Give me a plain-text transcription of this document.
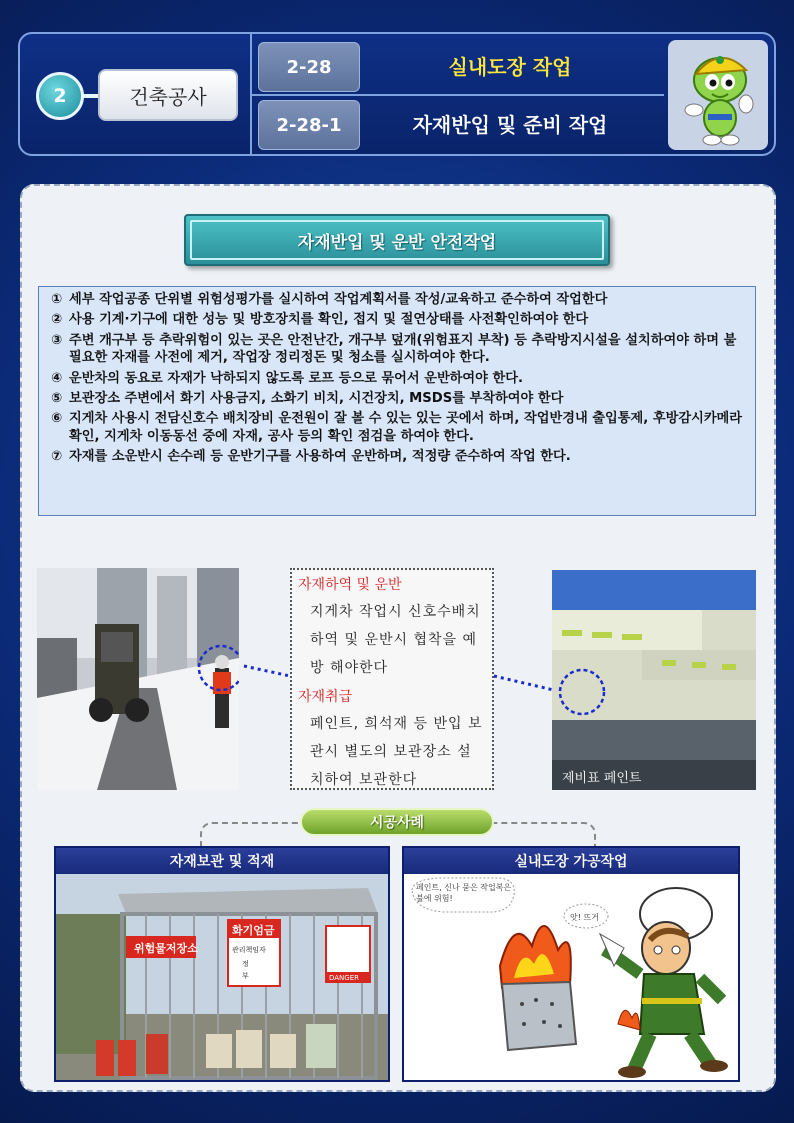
2	건축공사
2-28
2-28-1
실내도장 작업
자재반입 및 준비 작업
자재반입 및 운반 안전작업
① 세부 작업공종 단위별 위험성평가를 실시하여 작업계획서를 작성/교육하고 준수하여 작업한다
② 사용 기계·기구에 대한 성능 및 방호장치를 확인, 접지 및 절연상태를 사전확인하여야 한다
③ 주변 개구부 등 추락위험이 있는 곳은 안전난간, 개구부 덮개(위험표지 부착) 등 추락방지시설을 설치하여야 하며 불필요한 자재를 사전에 제거, 작업장 정리정돈 및 청소를 실시하여야 한다.
④ 운반차의 동요로 자재가 낙하되지 않도록 로프 등으로 묶어서 운반하여야 한다.
⑤ 보관장소 주변에서 화기 사용금지, 소화기 비치, 시건장치, MSDS를 부착하여야 한다
⑥ 지게차 사용시 전담신호수 배치장비 운전원이 잘 볼 수 있는 있는 곳에서 하며, 작업반경내 출입통제, 후방감시카메라 확인, 지게차 이동동선 중에 자재, 공사 등의 확인 점검을 하여야 한다.
⑦ 자재를 소운반시 손수레 등 운반기구를 사용하여 운반하며, 적정량 준수하여 작업 한다.
자재하역 및 운반
지게차 작업시 신호수배치 하역 및 운반시 협착을 예방 해야한다
자재취급
페인트, 희석재 등 반입 보관시 별도의 보관장소 설치하여 보관한다	제비표 페인트
시공사례
자재보관 및 적재
위험물저장소
화기엄금
관리책임자
정
부	DANGER
실내도장 가공작업
페인트, 신나 묻은 작업복은 불에 위험!
앗! 뜨거
